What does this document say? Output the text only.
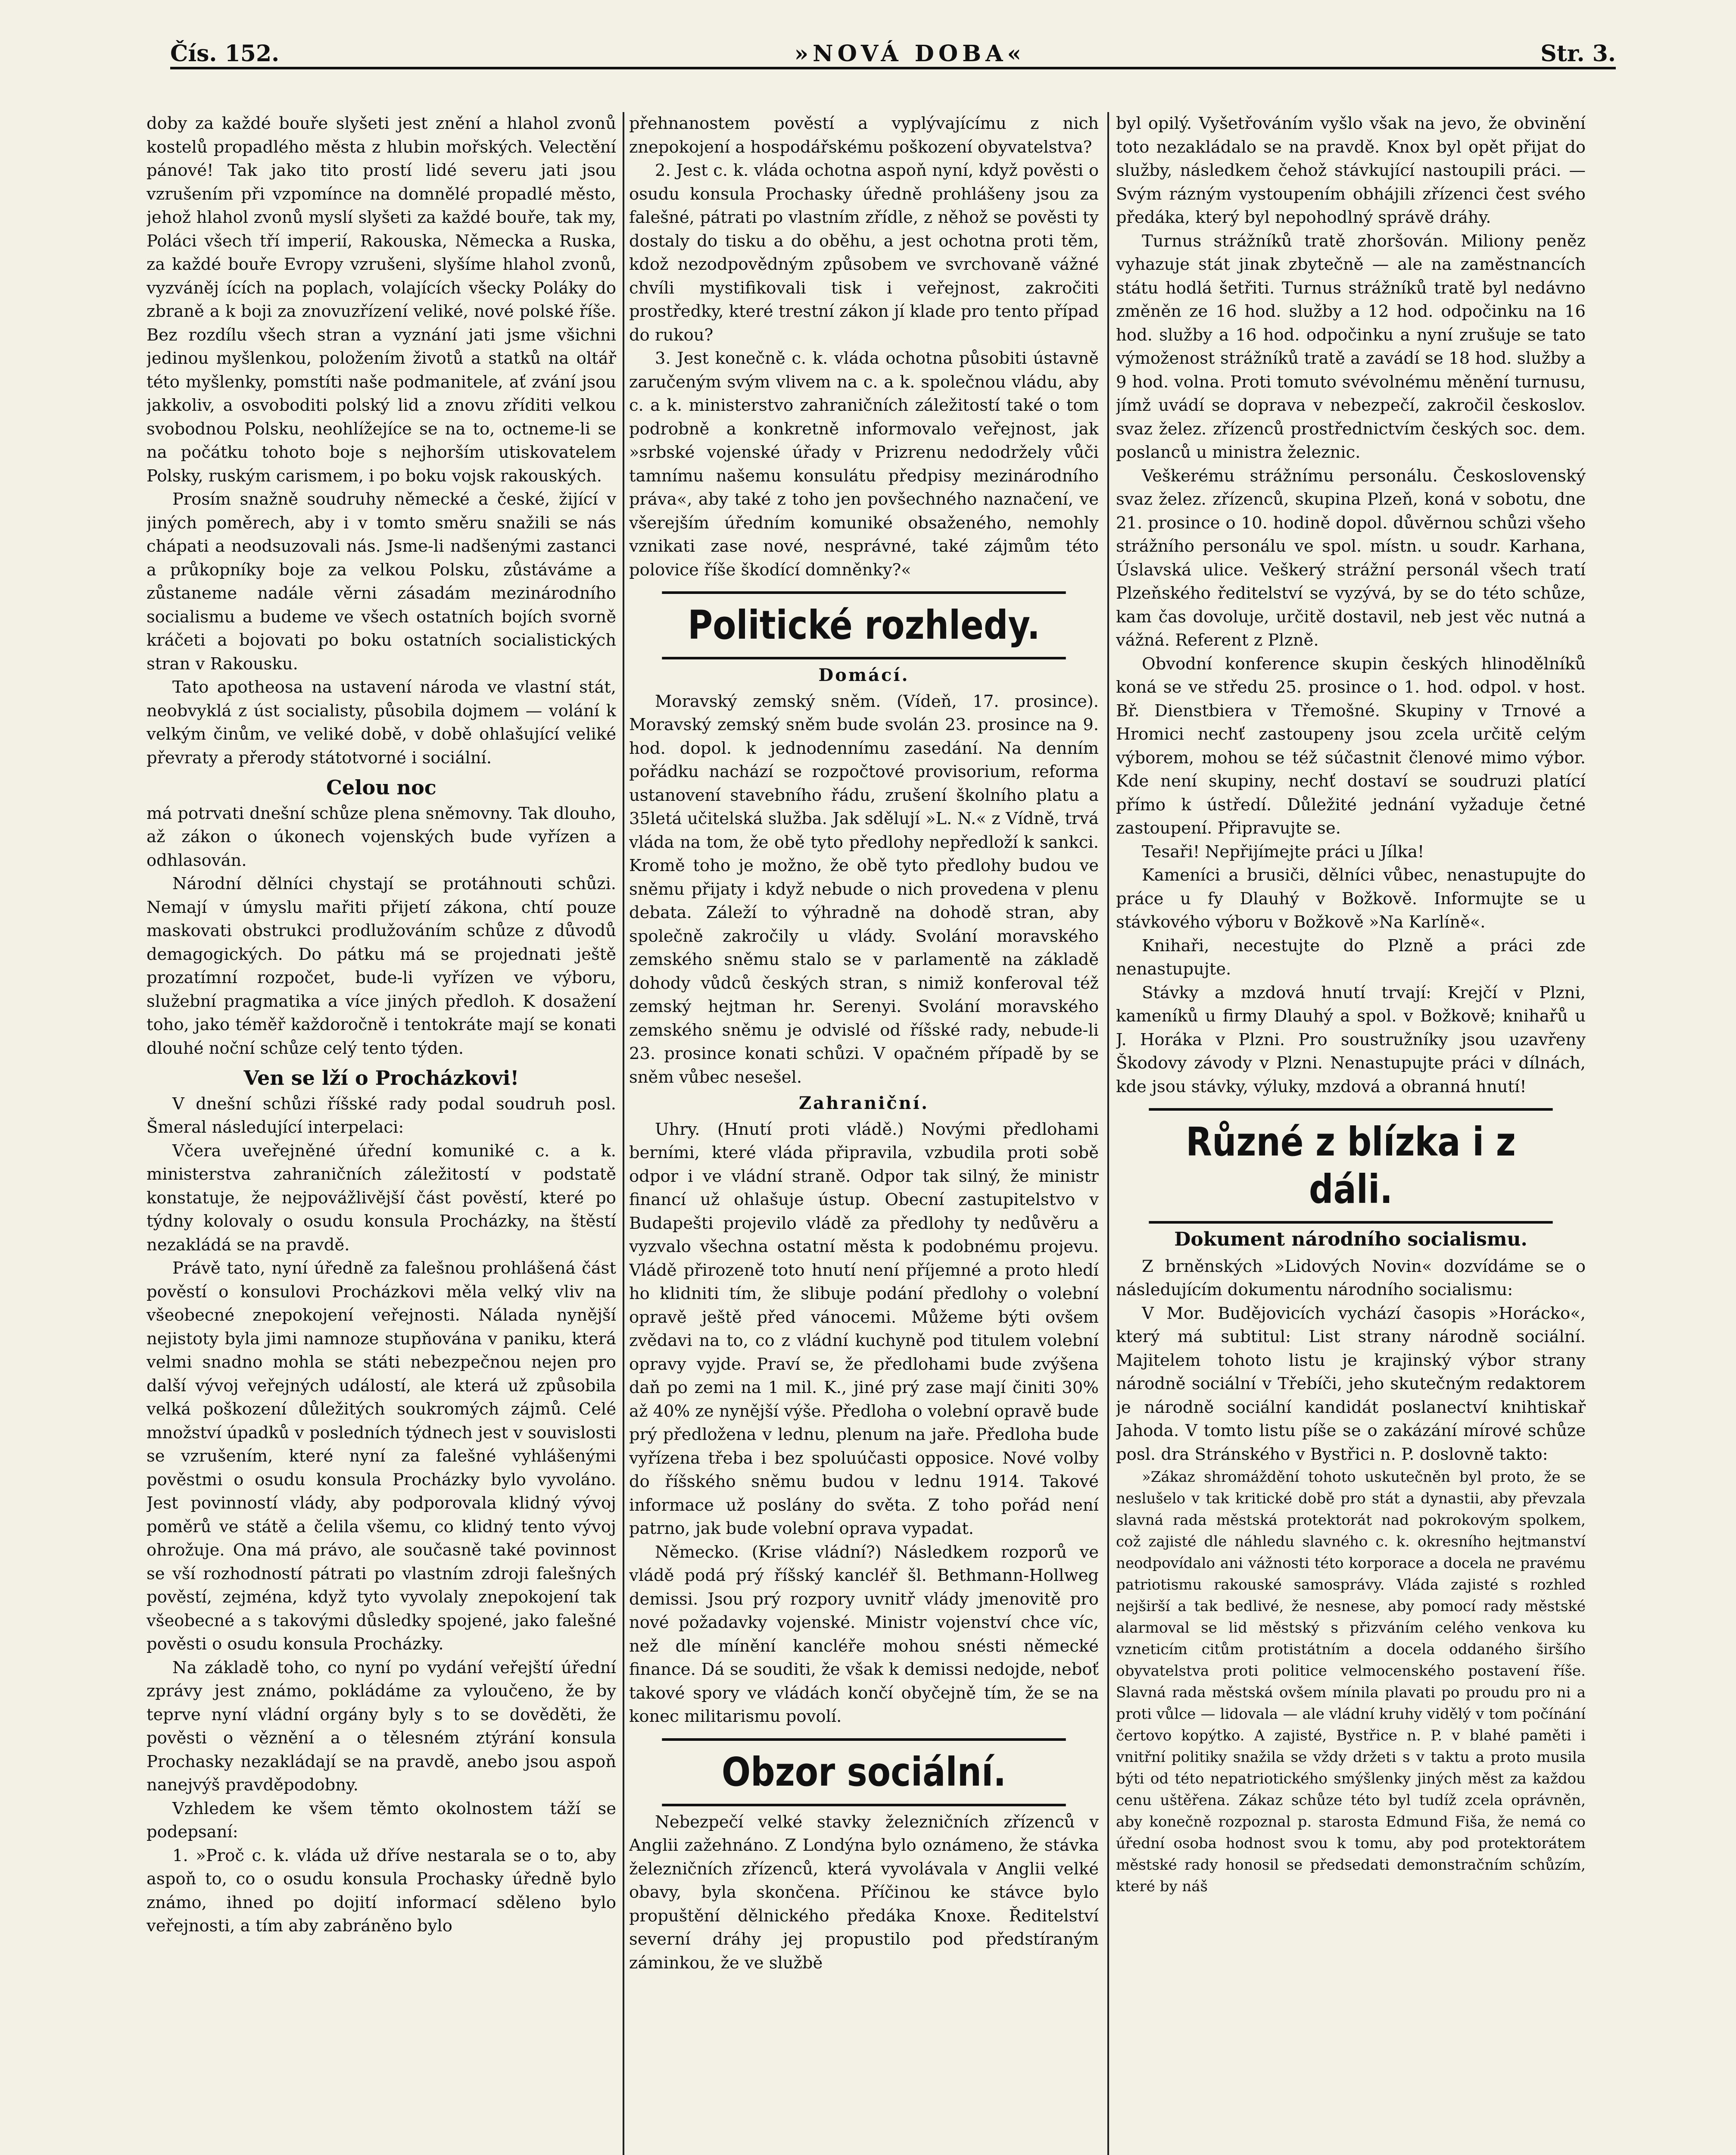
Čís. 152.	»NOVÁ DOBA«	Str. 3.

doby za každé bouře slyšeti jest znění a hlahol zvonů kostelů propadlého města z hlubin mořských. Velectění pánové! Tak jako tito prostí lidé severu jati jsou vzrušením při vzpomínce na domnělé propadlé město, jehož hlahol zvonů myslí slyšeti za každé bouře, tak my, Poláci všech tří imperií, Rakouska, Německa a Ruska, za každé bouře Evropy vzrušeni, slyšíme hlahol zvonů, vyzváněj ících na poplach, volajících všecky Poláky do zbraně a k boji za znovuzřízení veliké, nové polské říše. Bez rozdílu všech stran a vyznání jati jsme všichni jedinou myšlenkou, položením životů a statků na oltář této myšlenky, pomstíti naše podmanitele, ať zvání jsou jakkoliv, a osvoboditi polský lid a znovu zříditi velkou svobodnou Polsku, neohlížejíce se na to, octneme-li se na počátku tohoto boje s nejhorším utiskovatelem Polsky, ruským carismem, i po boku vojsk rakouských.

Prosím snažně soudruhy německé a české, žijící v jiných poměrech, aby i v tomto směru snažili se nás chápati a neodsuzovali nás. Jsme-li nadšenými zastanci a průkopníky boje za velkou Polsku, zůstáváme a zůstaneme nadále věrni zásadám mezinárodního socialismu a budeme ve všech ostatních bojích svorně kráčeti a bojovati po boku ostatních socialistických stran v Rakousku.

Tato apotheosa na ustavení národa ve vlastní stát, neobvyklá z úst socialisty, působila dojmem — volání k velkým činům, ve veliké době, v době ohlašující veliké převraty a přerody státotvorné i sociální.

Celou noc

má potrvati dnešní schůze plena sněmovny. Tak dlouho, až zákon o úkonech vojenských bude vyřízen a odhlasován.

Národní dělníci chystají se protáhnouti schůzi. Nemají v úmyslu mařiti přijetí zákona, chtí pouze maskovati obstrukci prodlužováním schůze z důvodů demagogických. Do pátku má se projednati ještě prozatímní rozpočet, bude-li vyřízen ve výboru, služební pragmatika a více jiných předloh. K dosažení toho, jako téměř každoročně i tentokráte mají se konati dlouhé noční schůze celý tento týden.

Ven se lží o Procházkovi!

V dnešní schůzi říšské rady podal soudruh posl. Šmeral následující interpelaci:

Včera uveřejněné úřední komuniké c. a k. ministerstva zahraničních záležitostí v podstatě konstatuje, že nejpovážlivější část pověstí, které po týdny kolovaly o osudu konsula Procházky, na štěstí nezakládá se na pravdě.

Právě tato, nyní úředně za falešnou prohlášená část pověstí o konsulovi Procházkovi měla velký vliv na všeobecné znepokojení veřejnosti. Nálada nynější nejistoty byla jimi namnoze stupňována v paniku, která velmi snadno mohla se státi nebezpečnou nejen pro další vývoj veřejných událostí, ale která už způsobila velká poškození důležitých soukromých zájmů. Celé množství úpadků v posledních týdnech jest v souvislosti se vzrušením, které nyní za falešné vyhlášenými pověstmi o osudu konsula Procházky bylo vyvoláno. Jest povinností vlády, aby podporovala klidný vývoj poměrů ve státě a čelila všemu, co klidný tento vývoj ohrožuje. Ona má právo, ale současně také povinnost se vší rozhodností pátrati po vlastním zdroji falešných pověstí, zejména, když tyto vyvolaly znepokojení tak všeobecné a s takovými důsledky spojené, jako falešné pověsti o osudu konsula Procházky.

Na základě toho, co nyní po vydání veřejští úřední zprávy jest známo, pokládáme za vyloučeno, že by teprve nyní vládní orgány byly s to se dověděti, že pověsti o věznění a o tělesném ztýrání konsula Prochasky nezakládají se na pravdě, anebo jsou aspoň nanejvýš pravděpodobny.

Vzhledem ke všem těmto okolnostem táží se podepsaní:

1. »Proč c. k. vláda už dříve nestarala se o to, aby aspoň to, co o osudu konsula Prochasky úředně bylo známo, ihned po dojití informací sděleno bylo veřejnosti, a tím aby zabráněno bylo

přehnanostem pověstí a vyplývajícímu z nich znepokojení a hospodářskému poškození obyvatelstva?

2. Jest c. k. vláda ochotna aspoň nyní, když pověsti o osudu konsula Prochasky úředně prohlášeny jsou za falešné, pátrati po vlastním zřídle, z něhož se pověsti ty dostaly do tisku a do oběhu, a jest ochotna proti těm, kdož nezodpovědným způsobem ve svrchovaně vážné chvíli mystifikovali tisk i veřejnost, zakročiti prostředky, které trestní zákon jí klade pro tento případ do rukou?

3. Jest konečně c. k. vláda ochotna působiti ústavně zaručeným svým vlivem na c. a k. společnou vládu, aby c. a k. ministerstvo zahraničních záležitostí také o tom podrobně a konkretně informovalo veřejnost, jak »srbské vojenské úřady v Prizrenu nedodržely vůči tamnímu našemu konsulátu předpisy mezinárodního práva«, aby také z toho jen povšechného naznačení, ve všerejším úředním komuniké obsaženého, nemohly vznikati zase nové, nesprávné, také zájmům této polovice říše škodící domněnky?«

Politické rozhledy.
Domácí.

Moravský zemský sněm. (Vídeň, 17. prosince). Moravský zemský sněm bude svolán 23. prosince na 9. hod. dopol. k jednodennímu zasedání. Na denním pořádku nachází se rozpočtové provisorium, reforma ustanovení stavebního řádu, zrušení školního platu a 35letá učitelská služba. Jak sdělují »L. N.« z Vídně, trvá vláda na tom, že obě tyto předlohy nepředloží k sankci. Kromě toho je možno, že obě tyto předlohy budou ve sněmu přijaty i když nebude o nich provedena v plenu debata. Záleží to výhradně na dohodě stran, aby společně zakročily u vlády. Svolání moravského zemského sněmu stalo se v parlamentě na základě dohody vůdců českých stran, s nimiž konferoval též zemský hejtman hr. Serenyi. Svolání moravského zemského sněmu je odvislé od říšské rady, nebude-li 23. prosince konati schůzi. V opačném případě by se sněm vůbec nesešel.

Zahraniční.

Uhry. (Hnutí proti vládě.) Novými předlohami berními, které vláda připravila, vzbudila proti sobě odpor i ve vládní straně. Odpor tak silný, že ministr financí už ohlašuje ústup. Obecní zastupitelstvo v Budapešti projevilo vládě za předlohy ty nedůvěru a vyzvalo všechna ostatní města k podobnému projevu. Vládě přirozeně toto hnutí není příjemné a proto hledí ho klidniti tím, že slibuje podání předlohy o volební opravě ještě před vánocemi. Můžeme býti ovšem zvědavi na to, co z vládní kuchyně pod titulem volební opravy vyjde. Praví se, že předlohami bude zvýšena daň po zemi na 1 mil. K., jiné prý zase mají činiti 30% až 40% ze nynější výše. Předloha o volební opravě bude prý předložena v lednu, plenum na jaře. Předloha bude vyřízena třeba i bez spoluúčasti opposice. Nové volby do říšského sněmu budou v lednu 1914. Takové informace už poslány do světa. Z toho pořád není patrno, jak bude volební oprava vypadat.

Německo. (Krise vládní?) Následkem rozporů ve vládě podá prý říšský kancléř šl. Bethmann-Hollweg demissi. Jsou prý rozpory uvnitř vlády jmenovitě pro nové požadavky vojenské. Ministr vojenství chce víc, než dle mínění kancléře mohou snésti německé finance. Dá se souditi, že však k demissi nedojde, neboť takové spory ve vládách končí obyčejně tím, že se na konec militarismu povolí.

Obzor sociální.

Nebezpečí velké stavky železničních zřízenců v Anglii zažehnáno. Z Londýna bylo oznámeno, že stávka železničních zřízenců, která vyvolávala v Anglii velké obavy, byla skončena. Příčinou ke stávce bylo propuštění dělnického předáka Knoxe. Ředitelství severní dráhy jej propustilo pod předstíraným záminkou, že ve službě

byl opilý. Vyšetřováním vyšlo však na jevo, že obvinění toto nezakládalo se na pravdě. Knox byl opět přijat do služby, následkem čehož stávkující nastoupili práci. — Svým rázným vystoupením obhájili zřízenci čest svého předáka, který byl nepohodlný správě dráhy.

Turnus strážníků tratě zhoršován. Miliony peněz vyhazuje stát jinak zbytečně — ale na zaměstnancích státu hodlá šetřiti. Turnus strážníků tratě byl nedávno změněn ze 16 hod. služby a 12 hod. odpočinku na 16 hod. služby a 16 hod. odpočinku a nyní zrušuje se tato výmoženost strážníků tratě a zavádí se 18 hod. služby a 9 hod. volna. Proti tomuto svévolnému měnění turnusu, jímž uvádí se doprava v nebezpečí, zakročil českoslov. svaz želez. zřízenců prostřednictvím českých soc. dem. poslanců u ministra železnic.

Veškerému strážnímu personálu. Československý svaz želez. zřízenců, skupina Plzeň, koná v sobotu, dne 21. prosince o 10. hodině dopol. důvěrnou schůzi všeho strážního personálu ve spol. místn. u soudr. Karhana, Úslavská ulice. Veškerý strážní personál všech tratí Plzeňského ředitelství se vyzývá, by se do této schůze, kam čas dovoluje, určitě dostavil, neb jest věc nutná a vážná. Referent z Plzně.

Obvodní konference skupin českých hlinodělníků koná se ve středu 25. prosince o 1. hod. odpol. v host. Bř. Dienstbiera v Třemošné. Skupiny v Trnové a Hromici nechť zastoupeny jsou zcela určitě celým výborem, mohou se též súčastnit členové mimo výbor. Kde není skupiny, nechť dostaví se soudruzi platící přímo k ústředí. Důležité jednání vyžaduje četné zastoupení. Připravujte se.

Tesaři! Nepřijímejte práci u Jílka!

Kameníci a brusiči, dělníci vůbec, nenastupujte do práce u fy Dlauhý v Božkově. Informujte se u stávkového výboru v Božkově »Na Karlíně«.

Knihaři, necestujte do Plzně a práci zde nenastupujte.

Stávky a mzdová hnutí trvají: Krejčí v Plzni, kameníků u firmy Dlauhý a spol. v Božkově; knihařů u J. Horáka v Plzni. Pro soustružníky jsou uzavřeny Škodovy závody v Plzni. Nenastupujte práci v dílnách, kde jsou stávky, výluky, mzdová a obranná hnutí!

Různé z blízka i z dáli.
Dokument národního socialismu.

Z brněnských »Lidových Novin« dozvídáme se o následujícím dokumentu národního socialismu:

V Mor. Budějovicích vychází časopis »Horácko«, který má subtitul: List strany národně sociální. Majitelem tohoto listu je krajinský výbor strany národně sociální v Třebíči, jeho skutečným redaktorem je národně sociální kandidát poslanectví knihtiskař Jahoda. V tomto listu píše se o zakázání mírové schůze posl. dra Stránského v Bystřici n. P. doslovně takto:

»Zákaz shromáždění tohoto uskutečněn byl proto, že se neslušelo v tak kritické době pro stát a dynastii, aby převzala slavná rada městská protektorát nad pokrokovým spolkem, což zajisté dle náhledu slavného c. k. okresního hejtmanství neodpovídalo ani vážnosti této korporace a docela ne pravému patriotismu rakouské samosprávy. Vláda zajisté s rozhled nejširší a tak bedlivé, že nesnese, aby pomocí rady městské alarmoval se lid městský s přizváním celého venkova ku vzneticím citům protistátním a docela oddaného širšího obyvatelstva proti politice velmocenského postavení říše. Slavná rada městská ovšem mínila plavati po proudu pro ni a proti vůlce — lidovala — ale vládní kruhy vidělý v tom počínání čertovo kopýtko. A zajisté, Bystřice n. P. v blahé paměti i vnitřní politiky snažila se vždy držeti s v taktu a proto musila býti od této nepatriotického smýšlenky jiných měst za každou cenu uštěřena. Zákaz schůze této byl tudíž zcela oprávněn, aby konečně rozpoznal p. starosta Edmund Fiša, že nemá co úřední osoba hodnost svou k tomu, aby pod protektorátem městské rady honosil se předsedati demonstračním schůzím, které by náš
